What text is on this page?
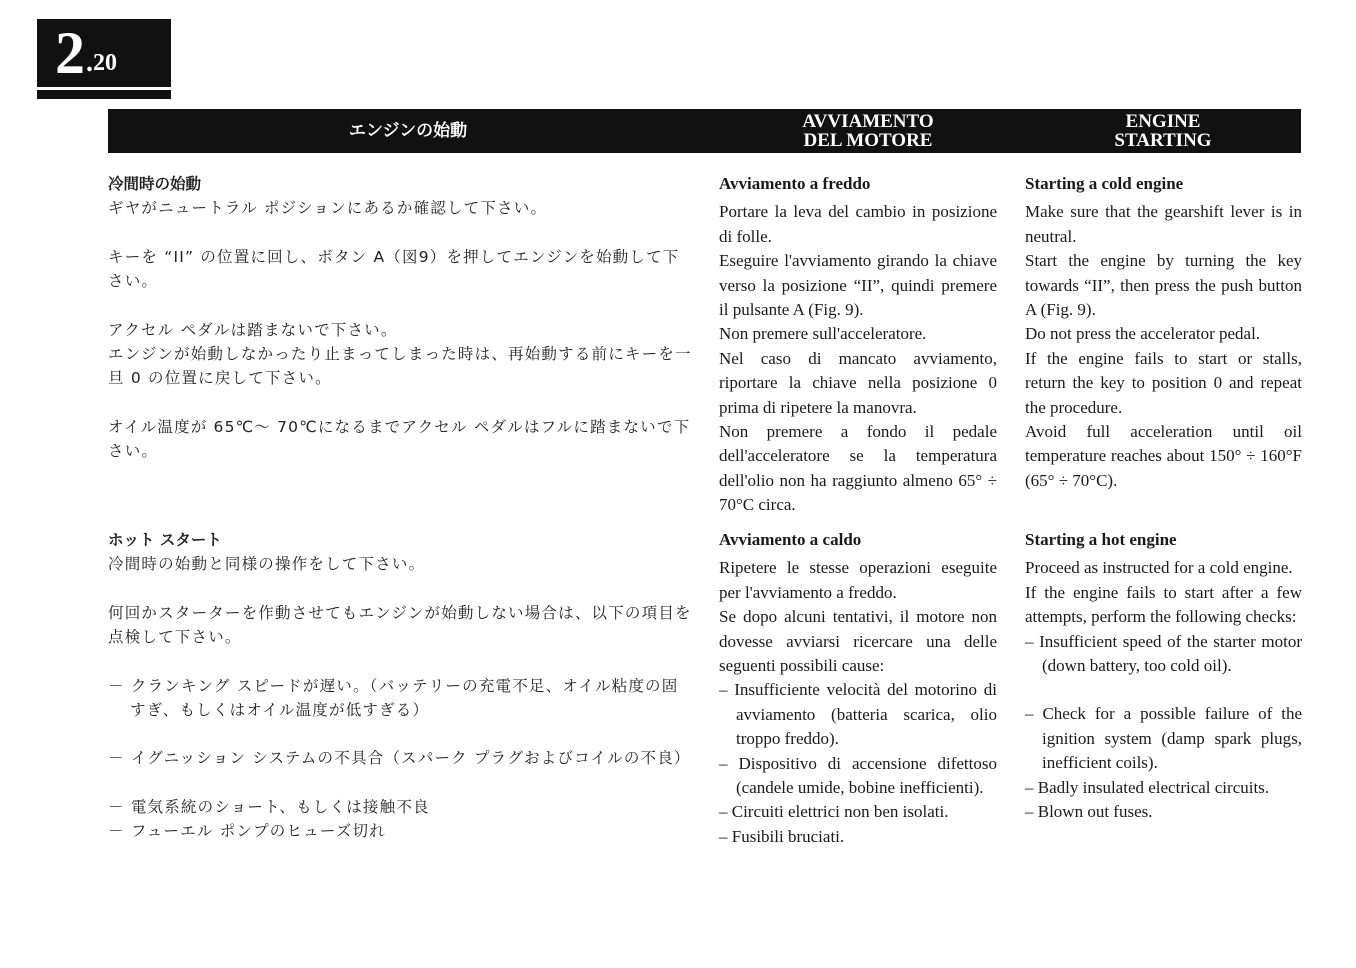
2 . 20
エンジンの始動	AVVIAMENTO
DEL MOTORE
ENGINE
STARTING
冷間時の始動

ギヤがニュートラル ポジションにあるか確認して下さい。

キーを “II” の位置に回し、ボタン A（図9）を押してエンジンを始動して下さい。

アクセル ペダルは踏まないで下さい。

エンジンが始動しなかったり止まってしまった時は、再始動する前にキーを一旦 0 の位置に戻して下さい。

オイル温度が 65℃～ 70℃になるまでアクセル ペダルはフルに踏まないで下さい。

ホット スタート

冷間時の始動と同様の操作をして下さい。

何回かスターターを作動させてもエンジンが始動しない場合は、以下の項目を点検して下さい。

－ クランキング スピードが遅い。（バッテリーの充電不足、オイル粘度の固すぎ、もしくはオイル温度が低すぎる）

－ イグニッション システムの不具合（スパーク プラグおよびコイルの不良）

－ 電気系統のショート、もしくは接触不良

－ フューエル ポンプのヒューズ切れ

Avviamento a freddo

Portare la leva del cambio in posizione di folle.

Eseguire l'avviamento girando la chiave verso la posizione “II”, quindi premere il pulsante A (Fig. 9).

Non premere sull'acceleratore.

Nel caso di mancato avviamento, riportare la chiave nella posizione 0 prima di ripetere la manovra.

Non premere a fondo il pedale dell'acceleratore se la temperatura dell'olio non ha raggiunto almeno 65° ÷ 70°C circa.

Avviamento a caldo

Ripetere le stesse operazioni eseguite per l'avviamento a freddo.

Se dopo alcuni tentativi, il motore non dovesse avviarsi ricercare una delle seguenti possibili cause:

– Insufficiente velocità del motorino di avviamento (batteria scarica, olio troppo freddo).

– Dispositivo di accensione difettoso (candele umide, bobine inefficienti).

– Circuiti elettrici non ben isolati.

– Fusibili bruciati.

Starting a cold engine

Make sure that the gearshift lever is in neutral.

Start the engine by turning the key towards “II”, then press the push button A (Fig. 9).

Do not press the accelerator pedal.

If the engine fails to start or stalls, return the key to position 0 and repeat the procedure.

Avoid full acceleration until oil temperature reaches about 150° ÷ 160°F (65° ÷ 70°C).

Starting a hot engine

Proceed as instructed for a cold engine.

If the engine fails to start after a few attempts, perform the following checks:

– Insufficient speed of the starter motor (down battery, too cold oil).

– Check for a possible failure of the ignition system (damp spark plugs, inefficient coils).

– Badly insulated electrical circuits.

– Blown out fuses.
